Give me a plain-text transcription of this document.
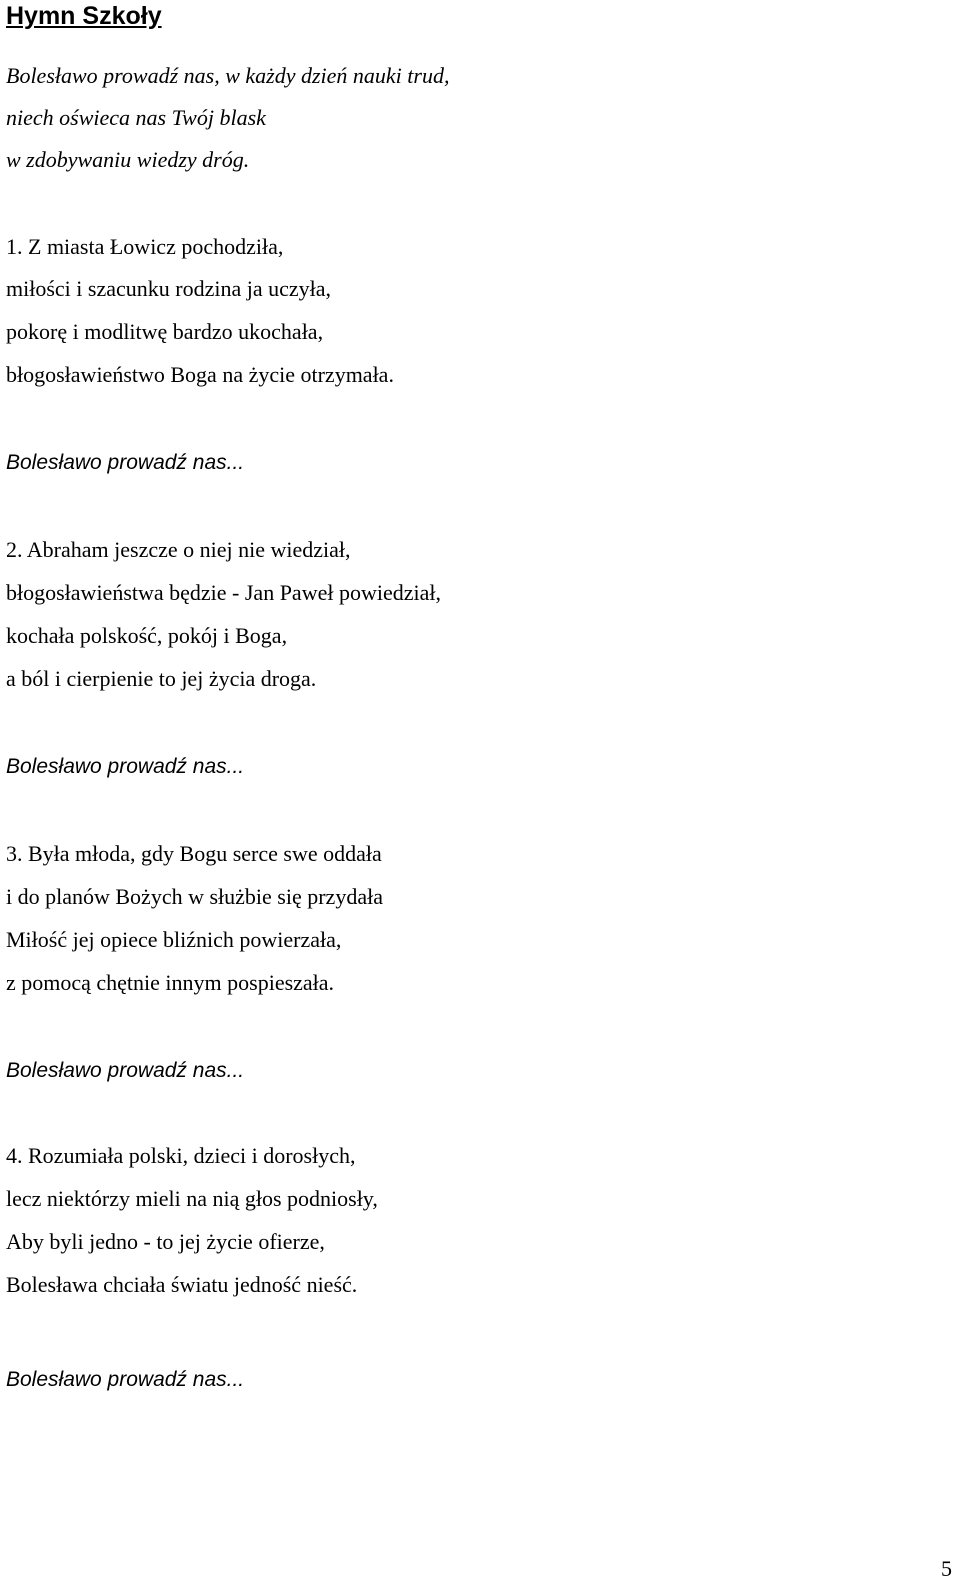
Hymn Szkoły
Bolesławo prowadź nas, w każdy dzień nauki trud,
niech oświeca nas Twój blask
w zdobywaniu wiedzy dróg.
1. Z miasta Łowicz pochodziła,
miłości i szacunku rodzina ja uczyła,
pokorę i modlitwę bardzo ukochała,
błogosławieństwo Boga na życie otrzymała.
Bolesławo prowadź nas...
2. Abraham jeszcze o niej nie wiedział,
błogosławieństwa będzie - Jan Paweł powiedział,
kochała polskość, pokój i Boga,
a ból i cierpienie to jej życia droga.
Bolesławo prowadź nas...
3. Była młoda, gdy Bogu serce swe oddała
i do planów Bożych w służbie się przydała
Miłość jej opiece bliźnich powierzała,
z pomocą chętnie innym pospieszała.
Bolesławo prowadź nas...
4. Rozumiała polski, dzieci i dorosłych,
lecz niektórzy mieli na nią głos podniosły,
Aby byli jedno - to jej życie ofierze,
Bolesława chciała światu jedność nieść.
Bolesławo prowadź nas...
5
